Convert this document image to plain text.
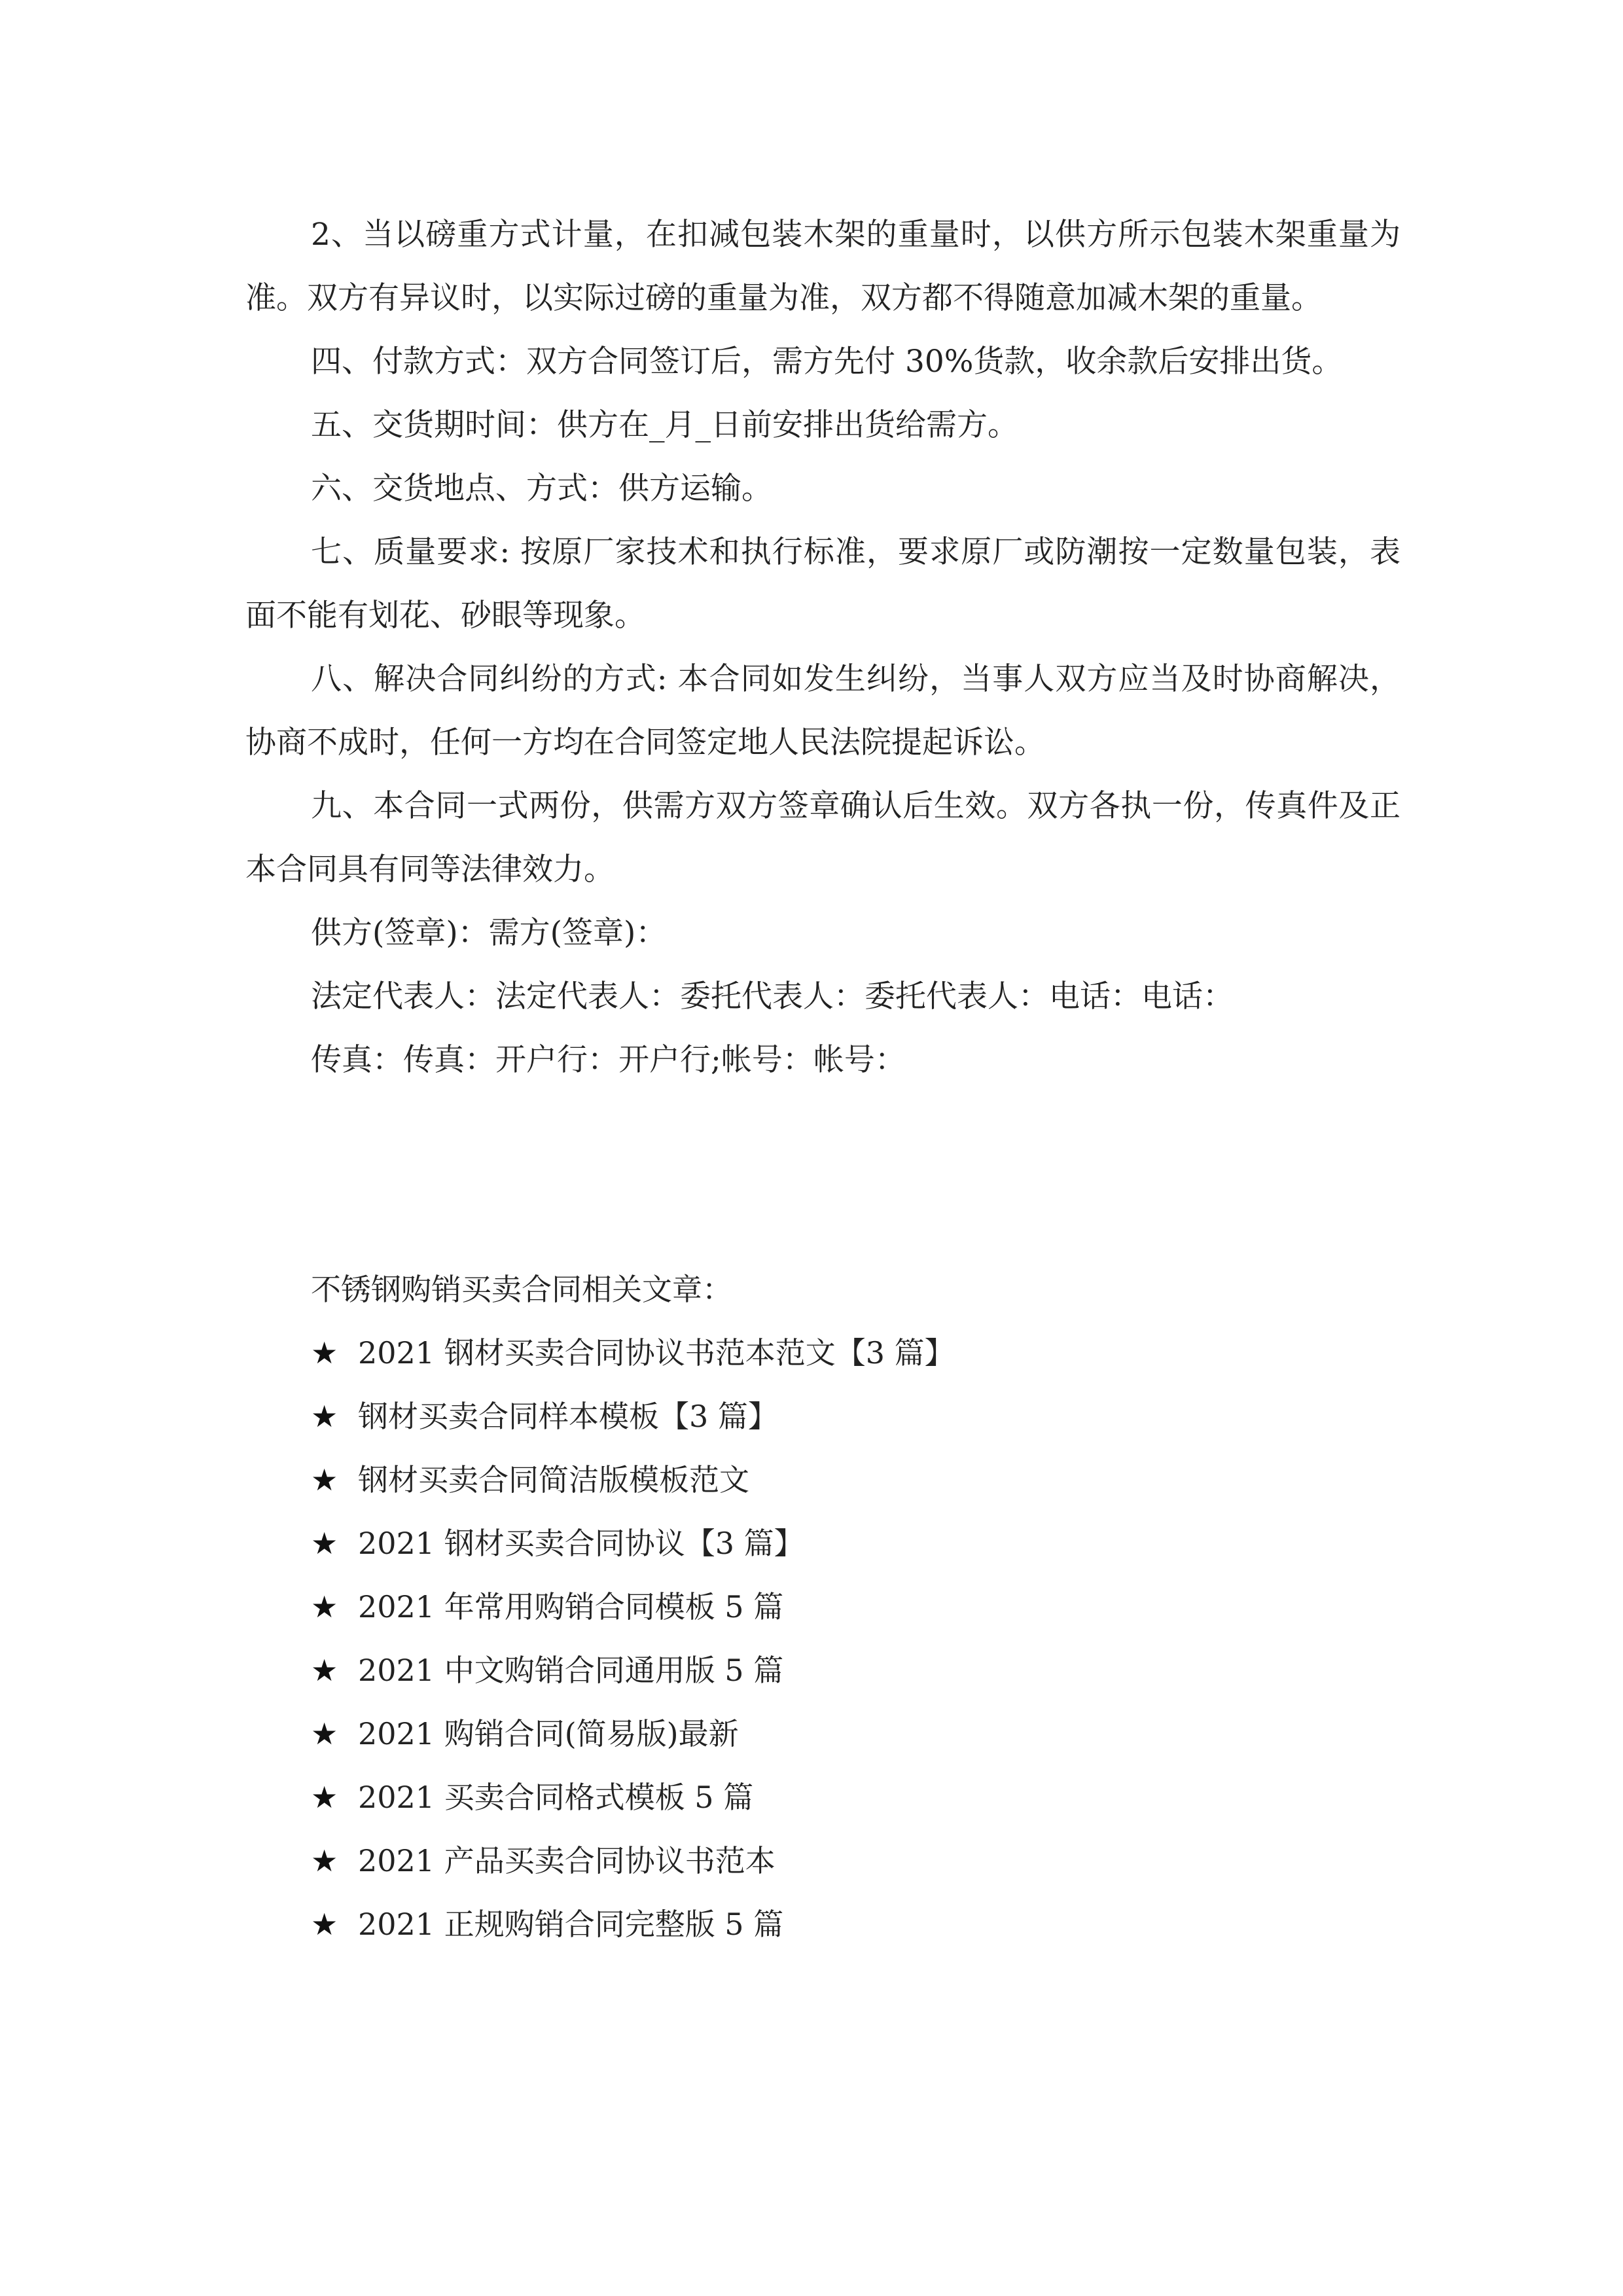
2、当以磅重方式计量，在扣减包装木架的重量时，以供方所示包装木架重量为准。双方有异议时，以实际过磅的重量为准，双方都不得随意加减木架的重量。

四、付款方式：双方合同签订后，需方先付 30%货款，收余款后安排出货。

五、交货期时间：供方在_月_日前安排出货给需方。

六、交货地点、方式：供方运输。

七、质量要求: 按原厂家技术和执行标准，要求原厂或防潮按一定数量包装，表面不能有划花、砂眼等现象。

八、解决合同纠纷的方式: 本合同如发生纠纷，当事人双方应当及时协商解决，协商不成时，任何一方均在合同签定地人民法院提起诉讼。

九、本合同一式两份，供需方双方签章确认后生效。双方各执一份，传真件及正本合同具有同等法律效力。

供方(签章)：需方(签章)：

法定代表人：法定代表人：委托代表人：委托代表人：电话：电话：

传真：传真：开户行：开户行;帐号：帐号：

不锈钢购销买卖合同相关文章：

★ 2021 钢材买卖合同协议书范本范文【3 篇】
★ 钢材买卖合同样本模板【3 篇】
★ 钢材买卖合同简洁版模板范文
★ 2021 钢材买卖合同协议【3 篇】
★ 2021 年常用购销合同模板 5 篇
★ 2021 中文购销合同通用版 5 篇
★ 2021 购销合同(简易版)最新
★ 2021 买卖合同格式模板 5 篇
★ 2021 产品买卖合同协议书范本
★ 2021 正规购销合同完整版 5 篇
